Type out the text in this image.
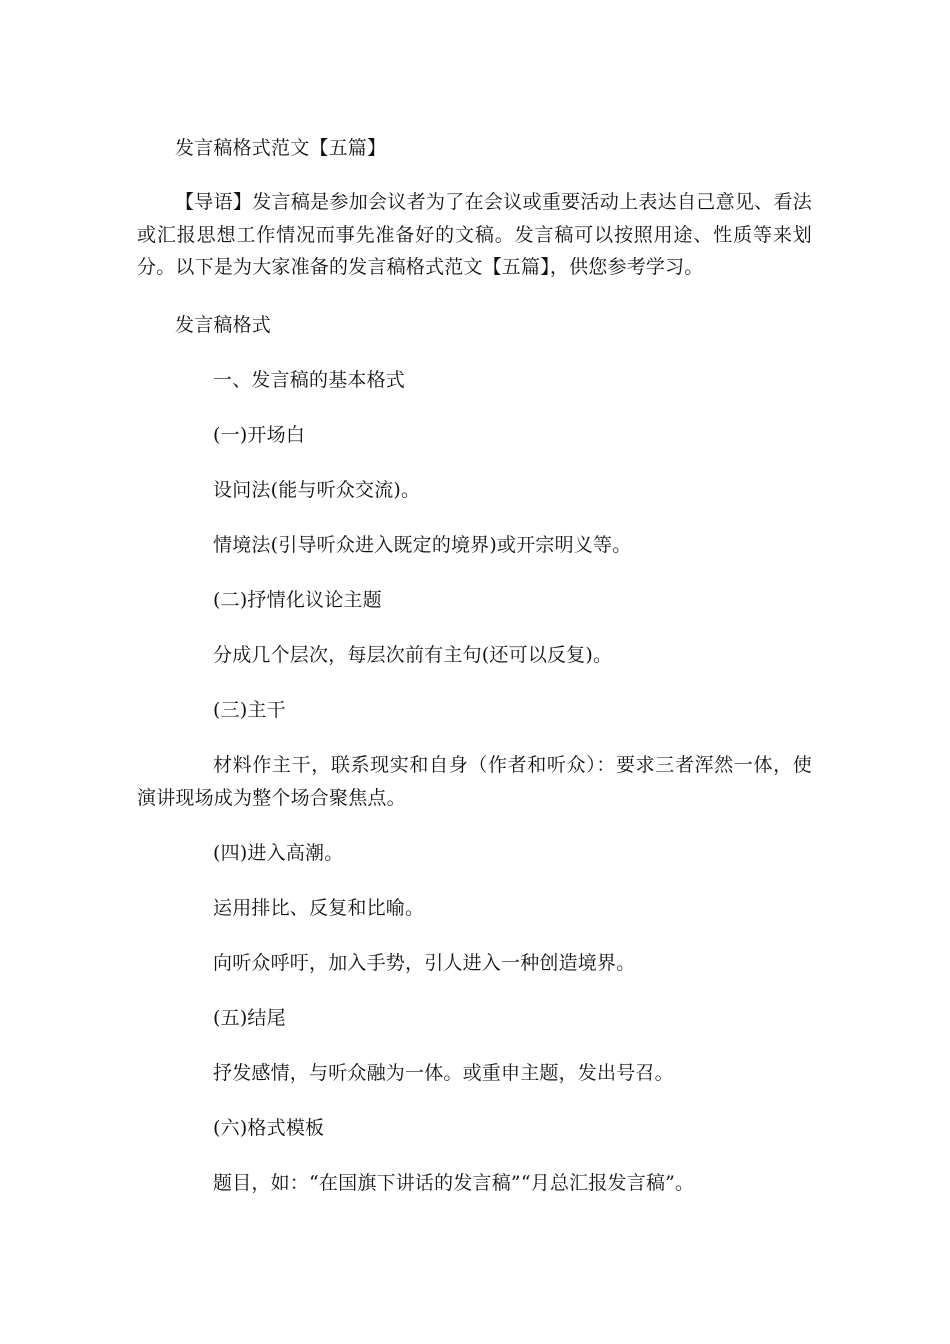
发言稿格式范文【五篇】
【导语】发言稿是参加会议者为了在会议或重要活动上表达自己意见、看法或汇报思想工作情况而事先准备好的文稿。发言稿可以按照用途、性质等来划分。以下是为大家准备的发言稿格式范文【五篇】，供您参考学习。
发言稿格式
一、发言稿的基本格式
(一)开场白
设问法(能与听众交流)。
情境法(引导听众进入既定的境界)或开宗明义等。
(二)抒情化议论主题
分成几个层次，每层次前有主句(还可以反复)。
(三)主干
材料作主干，联系现实和自身（作者和听众）：要求三者浑然一体，使演讲现场成为整个场合聚焦点。
(四)进入高潮。
运用排比、反复和比喻。
向听众呼吁，加入手势，引人进入一种创造境界。
(五)结尾
抒发感情，与听众融为一体。或重申主题，发出号召。
(六)格式模板
题目，如：“在国旗下讲话的发言稿”“月总汇报发言稿”。
